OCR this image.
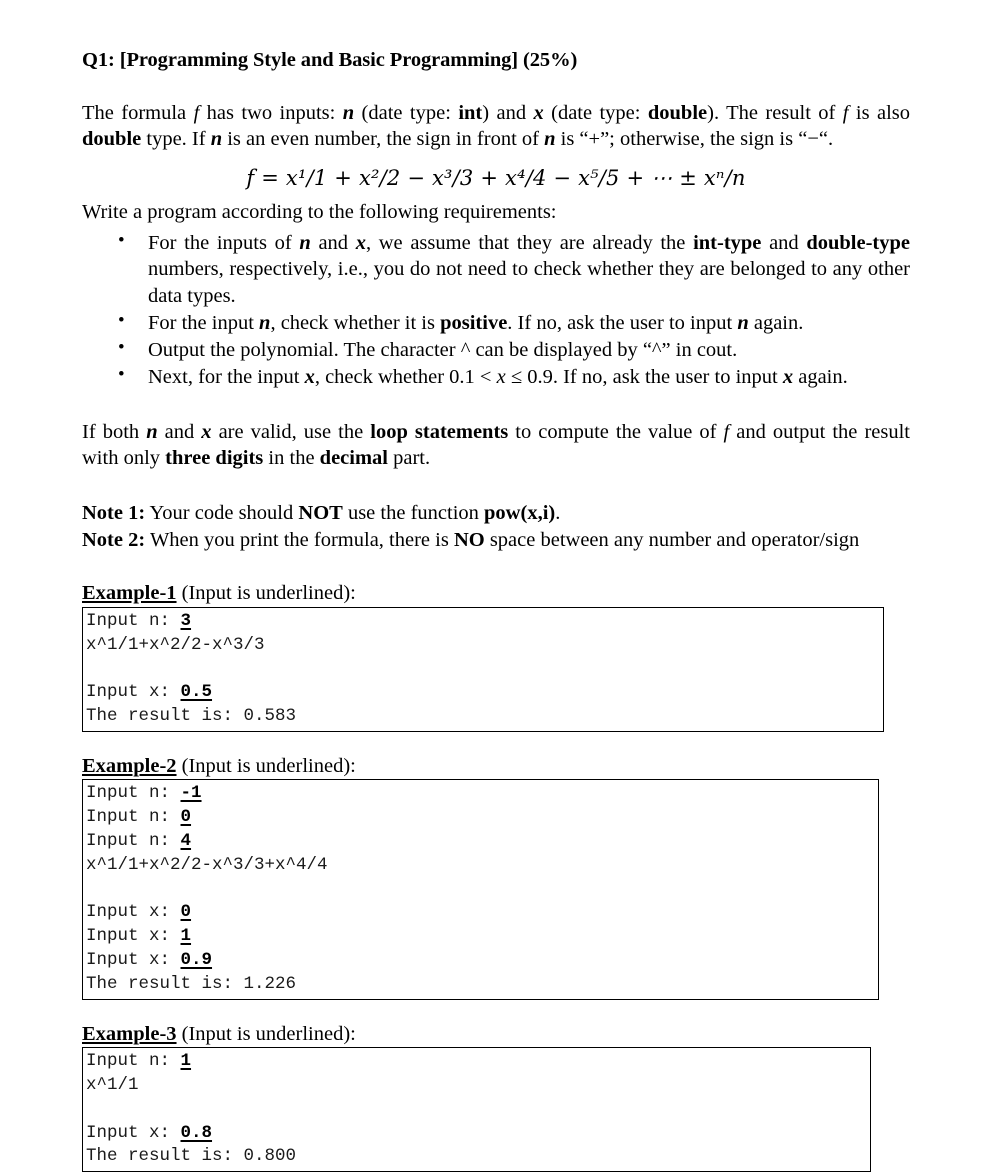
Q1: [Programming Style and Basic Programming] (25%)

The formula f has two inputs: n (date type: int) and x (date type: double). The result of f is also double type. If n is an even number, the sign in front of n is “+”; otherwise, the sign is “−“.

f = x¹/1 + x²/2 − x³/3 + x⁴/4 − x⁵/5 + ⋯ ± xⁿ/n

Write a program according to the following requirements:

• For the inputs of n and x, we assume that they are already the int-type and double-type numbers, respectively, i.e., you do not need to check whether they are belonged to any other data types.
• For the input n, check whether it is positive. If no, ask the user to input n again.
• Output the polynomial. The character ^ can be displayed by “^” in cout.
• Next, for the input x, check whether 0.1 < x ≤ 0.9. If no, ask the user to input x again.

If both n and x are valid, use the loop statements to compute the value of f and output the result with only three digits in the decimal part.

Note 1: Your code should NOT use the function pow(x,i).

Note 2: When you print the formula, there is NO space between any number and operator/sign

Example-1 (Input is underlined):
Input n: 3
x^1/1+x^2/2-x^3/3
Input x: 0.5
The result is: 0.583
Example-2 (Input is underlined):
Input n: -1
Input n: 0
Input n: 4
x^1/1+x^2/2-x^3/3+x^4/4
Input x: 0
Input x: 1
Input x: 0.9
The result is: 1.226
Example-3 (Input is underlined):
Input n: 1
x^1/1
Input x: 0.8
The result is: 0.800
